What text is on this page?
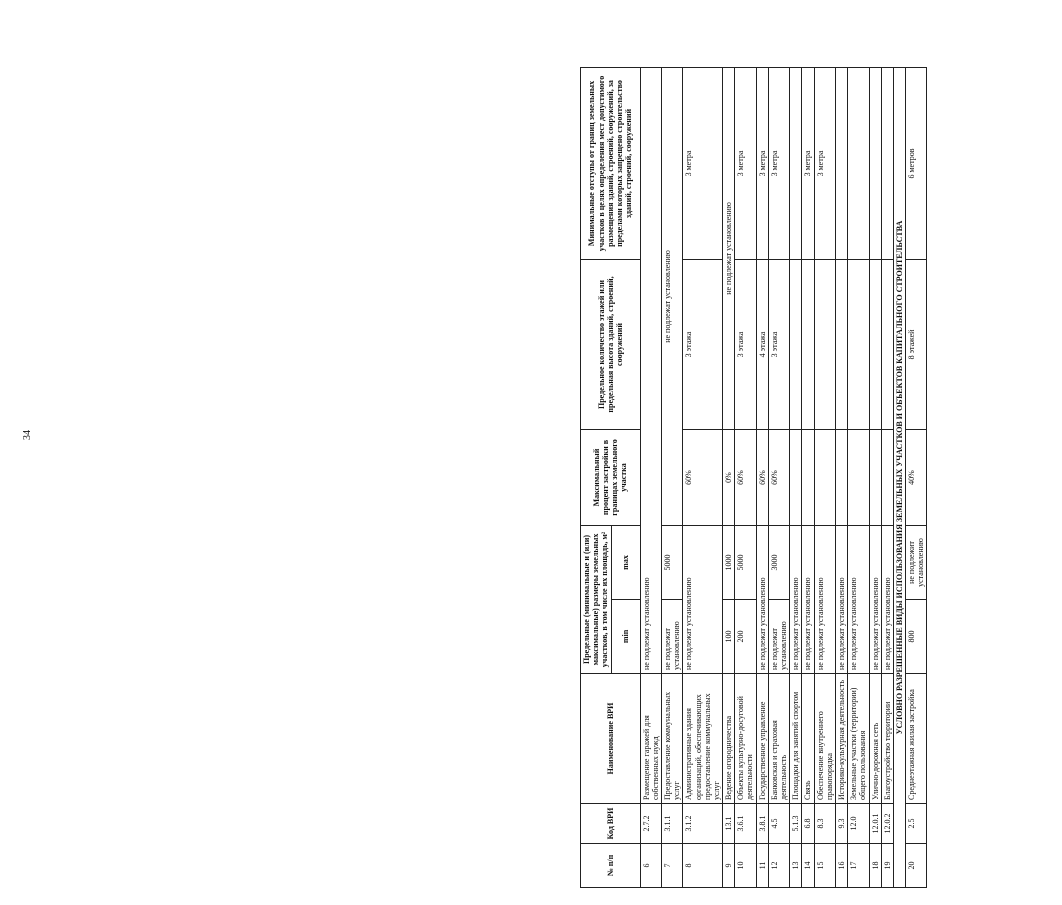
34
№ п/п	Код ВРИ	Наименование ВРИ	Предельные (минимальные и (или) максимальные) размеры земельных участков, в том числе их площадь, м²		Максимальный процент застройки в границах земельного участка	Предельное количество этажей или предельная высота зданий, строений, сооружений	Минимальные отступы от границ земельных участков в целях определения мест допустимого размещения зданий, строений, сооружений, за пределами которых запрещено строительство зданий, строений, сооружений
			min	max			
6	2.7.2	Размещение гаражей для собственных нужд	не подлежат установлению				
7	3.1.1	Предоставление коммунальных услуг	не подлежат установлению	5000	не подлежат установлению		
8	3.1.2	Административные здания организаций, обеспечивающих предоставление коммунальных услуг	не подлежат установлению		60%	3 этажа	3 метра
9	13.1	Ведение огородничества	100	1000	0%	не подлежат установлению	
10	3.6.1	Объекты культурно-досуговой деятельности	200	5000	60%	3 этажа	3 метра
11	3.8.1	Государственное управление	не подлежат установлению		60%	4 этажа	3 метра
12	4.5	Банковская и страховая деятельность	не подлежат установлению	3000	60%	3 этажа	3 метра
13	5.1.3	Площадки для занятий спортом	не подлежат установлению				
14	6.8	Связь	не подлежат установлению				3 метра
15	8.3	Обеспечение внутреннего правопорядка	не подлежат установлению				3 метра
16	9.3	Историко-культурная деятельность	не подлежат установлению				
17	12.0	Земельные участки (территории) общего пользования	не подлежат установлению				
18	12.0.1	Улично-дорожная сеть	не подлежат установлению				
19	12.0.2	Благоустройство территории	не подлежат установлению				
УСЛОВНО РАЗРЕШЕННЫЕ ВИДЫ ИСПОЛЬЗОВАНИЯ ЗЕМЕЛЬНЫХ УЧАСТКОВ И ОБЪЕКТОВ КАПИТАЛЬНОГО СТРОИТЕЛЬСТВА							
20	2.5	Среднеэтажная жилая застройка	800	не подлежит установлению	40%	8 этажей	6 метров
